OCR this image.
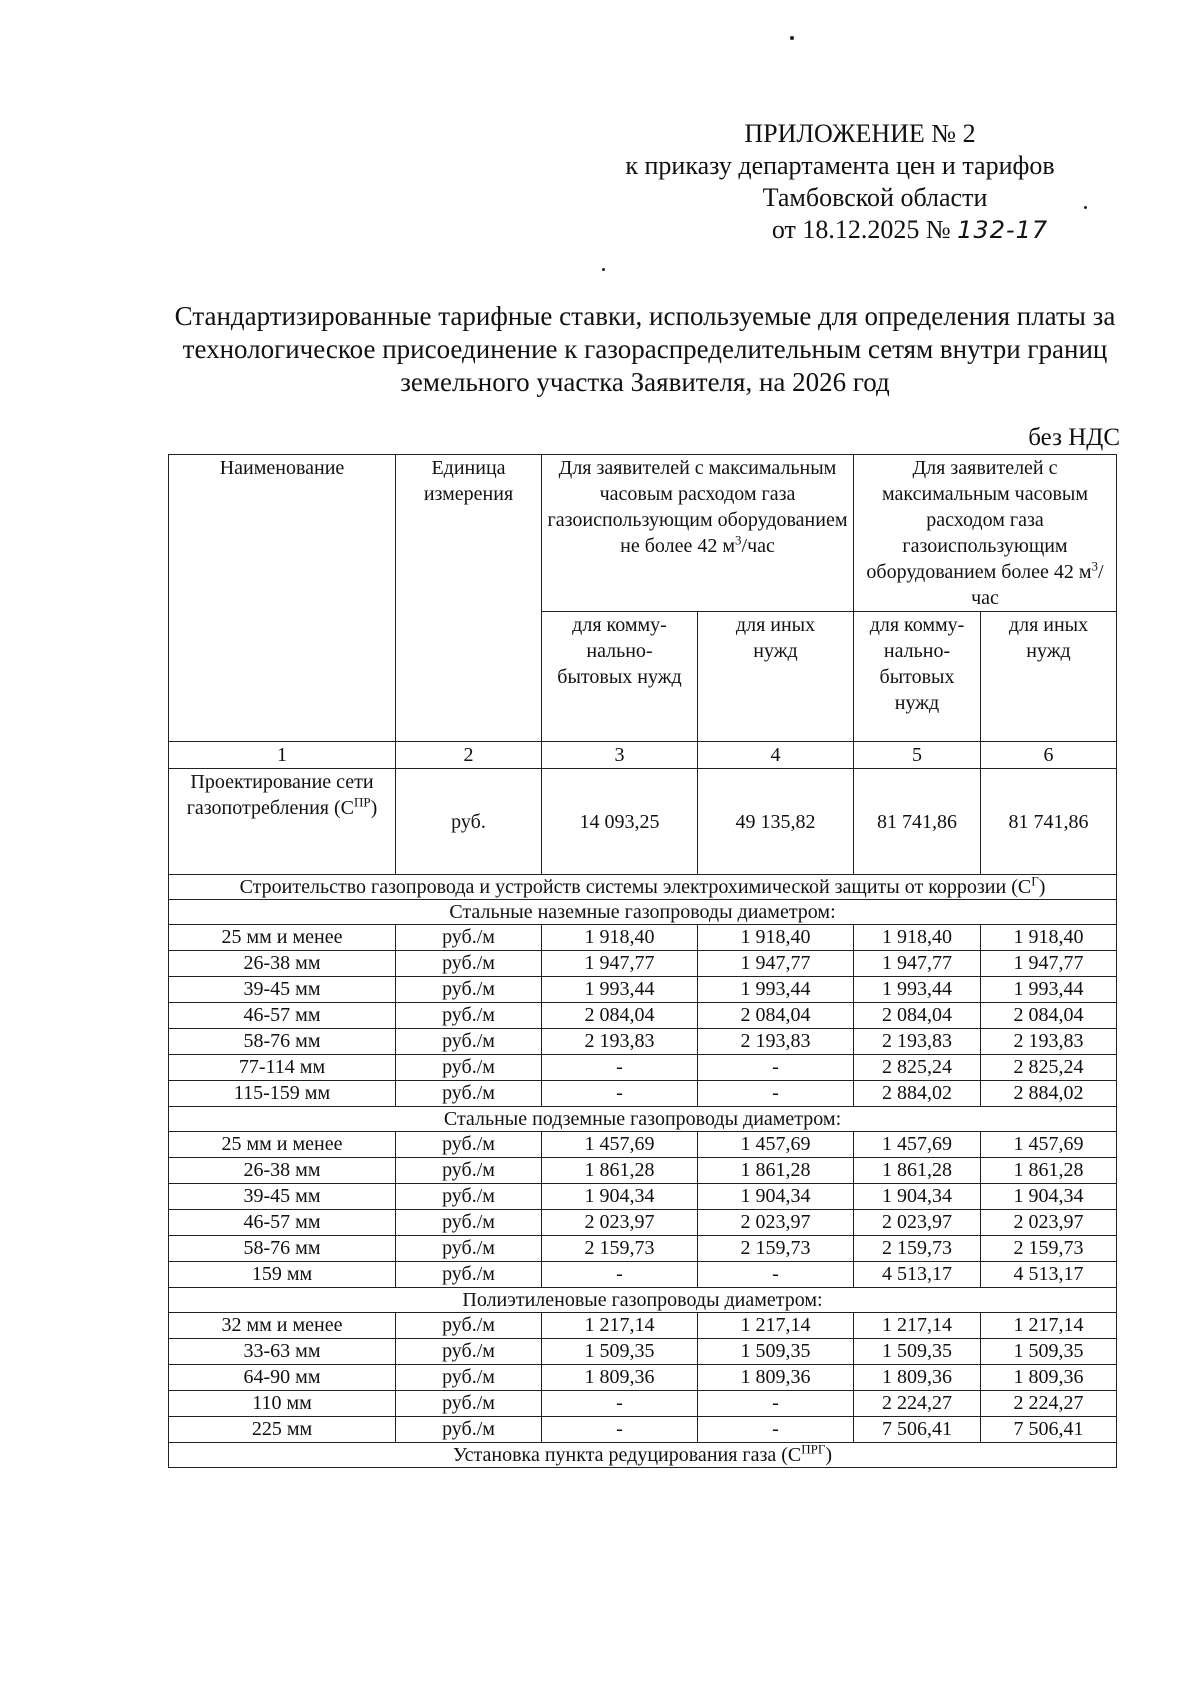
ПРИЛОЖЕНИЕ № 2
к приказу департамента цен и тарифов
Тамбовской области
от 18.12.2025 № 132-17
Стандартизированные тарифные ставки, используемые для определения платы за технологическое присоединение к газораспределительным сетям внутри границ земельного участка Заявителя, на 2026 год
без НДС
Наименование	Единица измерения	Для заявителей с максимальным часовым расходом газа газоиспользующим оборудованием не более 42 $м^3$/час		Для заявителей с максимальным часовым расходом газа газоиспользующим оборудованием более 42 $м^3$/час	
		для комму-нально-бытовых нужд	для иных нужд	для комму-нально-бытовых нужд	для иных нужд
1	2	3	4	5	6
Проектирование сети газопотребления $(С^{ПР})$	руб.	14 093,25	49 135,82	81 741,86	81 741,86
Строительство газопровода и устройств системы электрохимической защиты от коррозии $(С^Г)$					
Стальные наземные газопроводы диаметром:					
25 мм и менее	руб./м	1 918,40	1 918,40	1 918,40	1 918,40
26-38 мм	руб./м	1 947,77	1 947,77	1 947,77	1 947,77
39-45 мм	руб./м	1 993,44	1 993,44	1 993,44	1 993,44
46-57 мм	руб./м	2 084,04	2 084,04	2 084,04	2 084,04
58-76 мм	руб./м	2 193,83	2 193,83	2 193,83	2 193,83
77-114 мм	руб./м	-	-	2 825,24	2 825,24
115-159 мм	руб./м	-	-	2 884,02	2 884,02
Стальные подземные газопроводы диаметром:					
25 мм и менее	руб./м	1 457,69	1 457,69	1 457,69	1 457,69
26-38 мм	руб./м	1 861,28	1 861,28	1 861,28	1 861,28
39-45 мм	руб./м	1 904,34	1 904,34	1 904,34	1 904,34
46-57 мм	руб./м	2 023,97	2 023,97	2 023,97	2 023,97
58-76 мм	руб./м	2 159,73	2 159,73	2 159,73	2 159,73
159 мм	руб./м	-	-	4 513,17	4 513,17
Полиэтиленовые газопроводы диаметром:					
32 мм и менее	руб./м	1 217,14	1 217,14	1 217,14	1 217,14
33-63 мм	руб./м	1 509,35	1 509,35	1 509,35	1 509,35
64-90 мм	руб./м	1 809,36	1 809,36	1 809,36	1 809,36
110 мм	руб./м	-	-	2 224,27	2 224,27
225 мм	руб./м	-	-	7 506,41	7 506,41
Установка пункта редуцирования газа $(С^{ПРГ})$					
